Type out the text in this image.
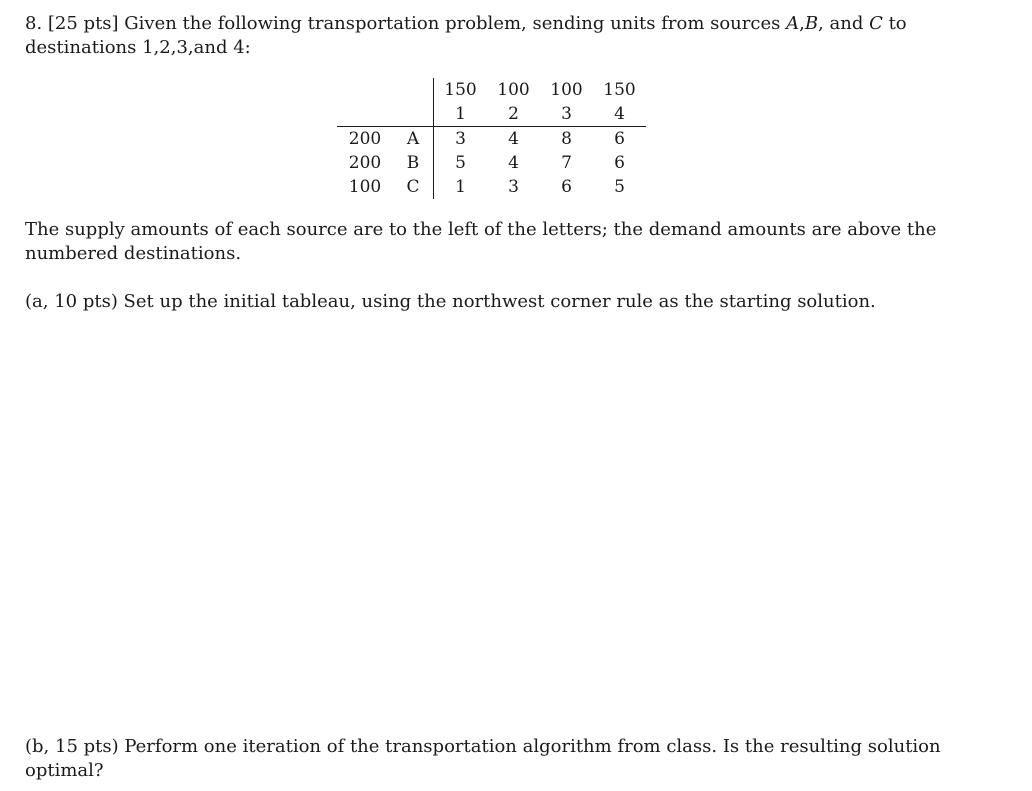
8. [25 pts] Given the following transportation problem, sending units from sources A,B, and C to destinations 1,2,3,and 4:

		150	100	100	150
		1	2	3	4
200	A	3	4	8	6
200	B	5	4	7	6
100	C	1	3	6	5

The supply amounts of each source are to the left of the letters; the demand amounts are above the numbered destinations.

(a, 10 pts) Set up the initial tableau, using the northwest corner rule as the starting solution.

(b, 15 pts) Perform one iteration of the transportation algorithm from class. Is the resulting solution optimal?
